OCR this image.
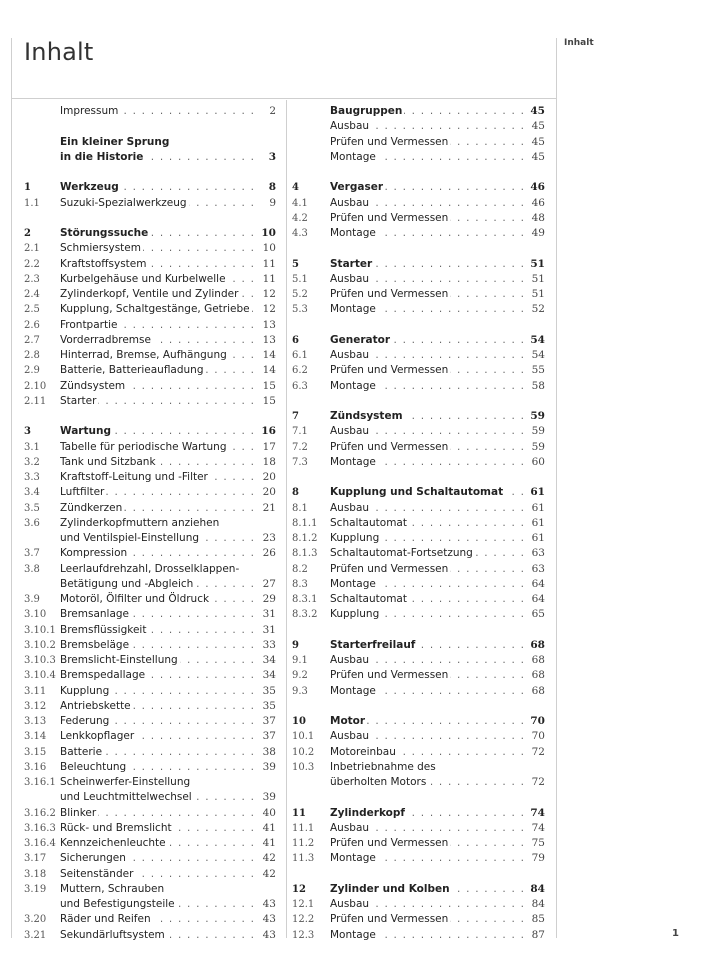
Inhalt	Inhalt
1
Impressum . . .	2
Ein kleiner Sprung
in die Historie . . .	3
1	Werkzeug . . .	8
1.1 Suzuki-Spezialwerkzeug . . .	9
2	Störungssuche . . .	10
2.1 Schmiersystem . . .	10
2.2 Kraftstoffsystem . . .	11
2.3 Kurbelgehäuse und Kurbelwelle . . .	11
2.4 Zylinderkopf, Ventile und Zylinder . . .	12
2.5 Kupplung, Schaltgestänge, Getriebe . . .	12
2.6 Frontpartie . . .	13
2.7 Vorderradbremse . . .	13
2.8 Hinterrad, Bremse, Aufhängung . . .	14
2.9 Batterie, Batterieaufladung . . .	14
2.10 Zündsystem . . .	15
2.11 Starter . . .	15
3	Wartung . . .	16
3.1 Tabelle für periodische Wartung . . .	17
3.2 Tank und Sitzbank . . .	18
3.3 Kraftstoff-Leitung und -Filter . . .	20
3.4 Luftfilter . . .	20
3.5 Zündkerzen . . .	21
3.6 Zylinderkopfmuttern anziehen
und Ventilspiel-Einstellung . . .	23
3.7 Kompression . . .	26
3.8 Leerlaufdrehzahl, Drosselklappen-
Betätigung und -Abgleich . . .	27
3.9 Motoröl, Ölfilter und Öldruck . . .	29
3.10 Bremsanlage . . .	31
3.10.1 Bremsflüssigkeit . . .	31
3.10.2 Bremsbeläge . . .	33
3.10.3 Bremslicht-Einstellung . . .	34
3.10.4 Bremspedallage . . .	34
3.11 Kupplung . . .	35
3.12 Antriebskette . . .	35
3.13 Federung . . .	37
3.14 Lenkkopflager . . .	37
3.15 Batterie . . .	38
3.16 Beleuchtung . . .	39
3.16.1 Scheinwerfer-Einstellung
und Leuchtmittelwechsel . . .	39
3.16.2 Blinker . . .	40
3.16.3 Rück- und Bremslicht . . .	41
3.16.4 Kennzeichenleuchte . . .	41
3.17 Sicherungen . . .	42
3.18 Seitenständer . . .	42
3.19 Muttern, Schrauben
und Befestigungsteile . . .	43
3.20 Räder und Reifen . . .	43
3.21 Sekundärluftsystem . . .	43
Baugruppen . . .	45
Ausbau . . .	45
Prüfen und Vermessen . . .	45
Montage . . .	45
4	Vergaser . . .	46
4.1 Ausbau . . .	46
4.2 Prüfen und Vermessen . . .	48
4.3 Montage . . .	49
5	Starter . . .	51
5.1 Ausbau . . .	51
5.2 Prüfen und Vermessen . . .	51
5.3 Montage . . .	52
6	Generator . . .	54
6.1 Ausbau . . .	54
6.2 Prüfen und Vermessen . . .	55
6.3 Montage . . .	58
7	Zündsystem . . .	59
7.1 Ausbau . . .	59
7.2 Prüfen und Vermessen . . .	59
7.3 Montage . . .	60
8	Kupplung und Schaltautomat . . .	61
8.1 Ausbau . . .	61
8.1.1 Schaltautomat . . .	61
8.1.2 Kupplung . . .	61
8.1.3 Schaltautomat-Fortsetzung . . .	63
8.2 Prüfen und Vermessen . . .	63
8.3 Montage . . .	64
8.3.1 Schaltautomat . . .	64
8.3.2 Kupplung . . .	65
9	Starterfreilauf . . .	68
9.1 Ausbau . . .	68
9.2 Prüfen und Vermessen . . .	68
9.3 Montage . . .	68
10 Motor . . .	70
10.1 Ausbau . . .	70
10.2 Motoreinbau . . .	72
10.3 Inbetriebnahme des
überholten Motors . . .	72
11 Zylinderkopf . . .	74
11.1 Ausbau . . .	74
11.2 Prüfen und Vermessen . . .	75
11.3 Montage . . .	79
12 Zylinder und Kolben . . .	84
12.1 Ausbau . . .	84
12.2 Prüfen und Vermessen . . .	85
12.3 Montage . . .	87
